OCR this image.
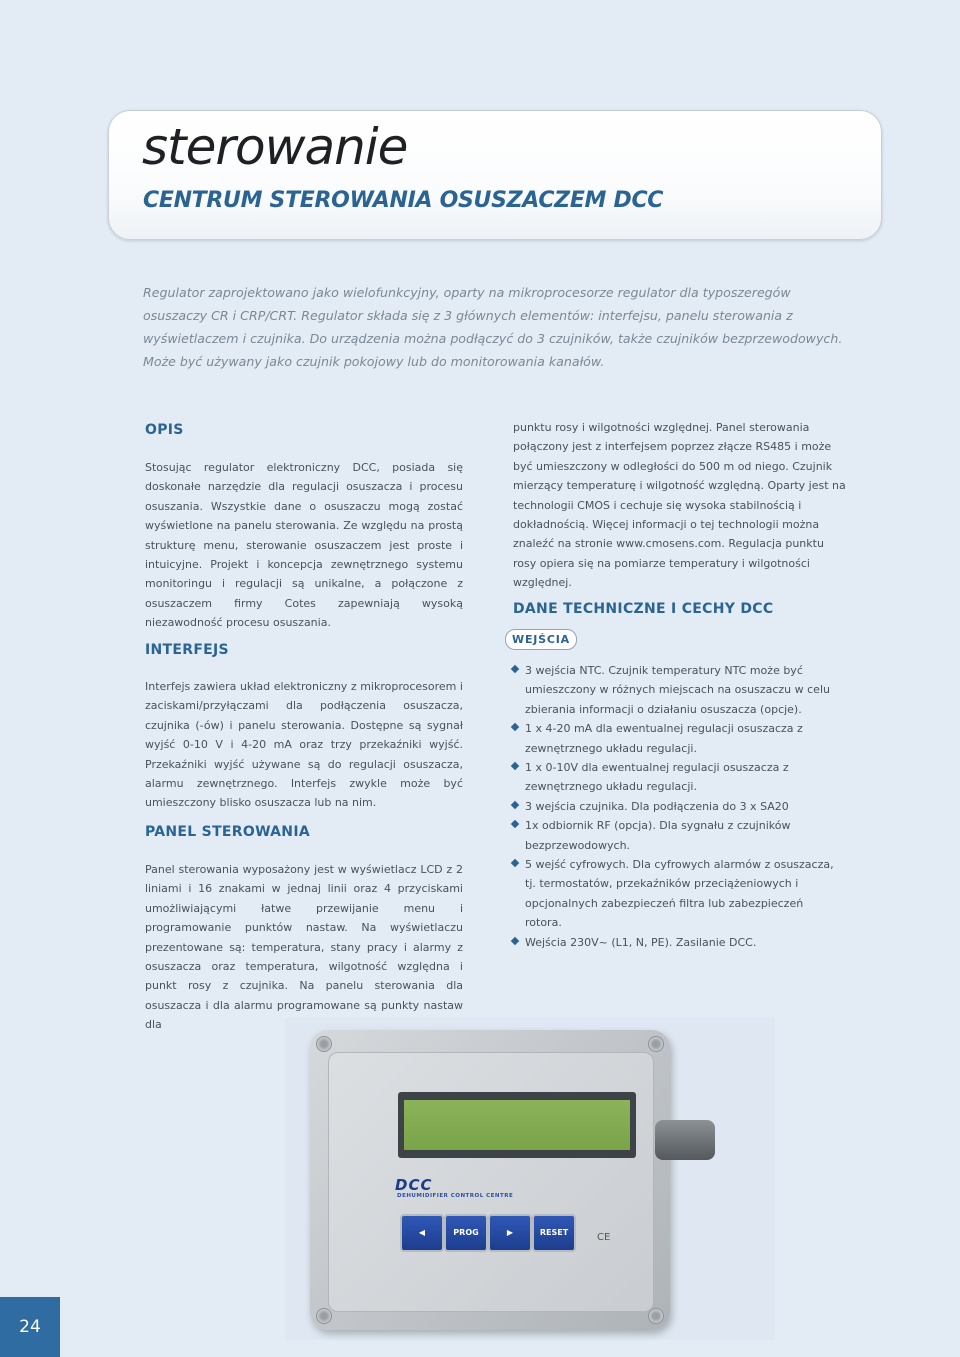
sterowanie
CENTRUM STEROWANIA OSUSZACZEM DCC
Regulator zaprojektowano jako wielofunkcyjny, oparty na mikroprocesorze regulator dla typoszeregów osuszaczy CR i CRP/CRT. Regulator składa się z 3 głównych elementów: interfejsu, panelu sterowania z wyświetlaczem i czujnika. Do urządzenia można podłączyć do 3 czujników, także czujników bezprzewodowych. Może być używany jako czujnik pokojowy lub do monitorowania kanałów.
OPIS
Stosując regulator elektroniczny DCC, posiada się doskonałe narzędzie dla regulacji osuszacza i procesu osuszania. Wszystkie dane o osuszaczu mogą zostać wyświetlone na panelu sterowania. Ze względu na prostą strukturę menu, sterowanie osuszaczem jest proste i intuicyjne. Projekt i koncepcja zewnętrznego systemu monitoringu i regulacji są unikalne, a połączone z osuszaczem firmy Cotes zapewniają wysoką niezawodność procesu osuszania.
INTERFEJS
Interfejs zawiera układ elektroniczny z mikroprocesorem i zaciskami/przyłączami dla podłączenia osuszacza, czujnika (-ów) i panelu sterowania. Dostępne są sygnał wyjść 0-10 V i 4-20 mA oraz trzy przekaźniki wyjść. Przekaźniki wyjść używane są do regulacji osuszacza, alarmu zewnętrznego. Interfejs zwykle może być umieszczony blisko osuszacza lub na nim.
PANEL STEROWANIA
Panel sterowania wyposażony jest w wyświetlacz LCD z 2 liniami i 16 znakami w jednaj linii oraz 4 przyciskami umożliwiającymi łatwe przewijanie menu i programowanie punktów nastaw. Na wyświetlaczu prezentowane są: temperatura, stany pracy i alarmy z osuszacza oraz temperatura, wilgotność względna i punkt rosy z czujnika. Na panelu sterowania dla osuszacza i dla alarmu programowane są punkty nastaw dla
punktu rosy i wilgotności względnej. Panel sterowania połączony jest z interfejsem poprzez złącze RS485 i może być umieszczony w odległości do 500 m od niego. Czujnik mierzący temperaturę i wilgotność względną. Oparty jest na technologii CMOS i cechuje się wysoka stabilnością i dokładnością. Więcej informacji o tej technologii można znaleźć na stronie www.cmosens.com. Regulacja punktu rosy opiera się na pomiarze temperatury i wilgotności względnej.
DANE TECHNICZNE I CECHY DCC
WEJŚCIA
3 wejścia NTC. Czujnik temperatury NTC może być umieszczony w różnych miejscach na osuszaczu w celu zbierania informacji o działaniu osuszacza (opcje).
1 x 4-20 mA dla ewentualnej regulacji osuszacza z zewnętrznego układu regulacji.
1 x 0-10V dla ewentualnej regulacji osuszacza z zewnętrznego układu regulacji.
3 wejścia czujnika. Dla podłączenia do 3 x SA20
1x odbiornik RF (opcja). Dla sygnału z czujników bezprzewodowych.
5 wejść cyfrowych. Dla cyfrowych alarmów z osuszacza, tj. termostatów, przekaźników przeciążeniowych i opcjonalnych zabezpieczeń filtra lub zabezpieczeń rotora.
Wejścia 230V~ (L1, N, PE). Zasilanie DCC.
DCC
DEHUMIDIFIER CONTROL CENTRE
◀	PROG	▶	RESET	CE
24
